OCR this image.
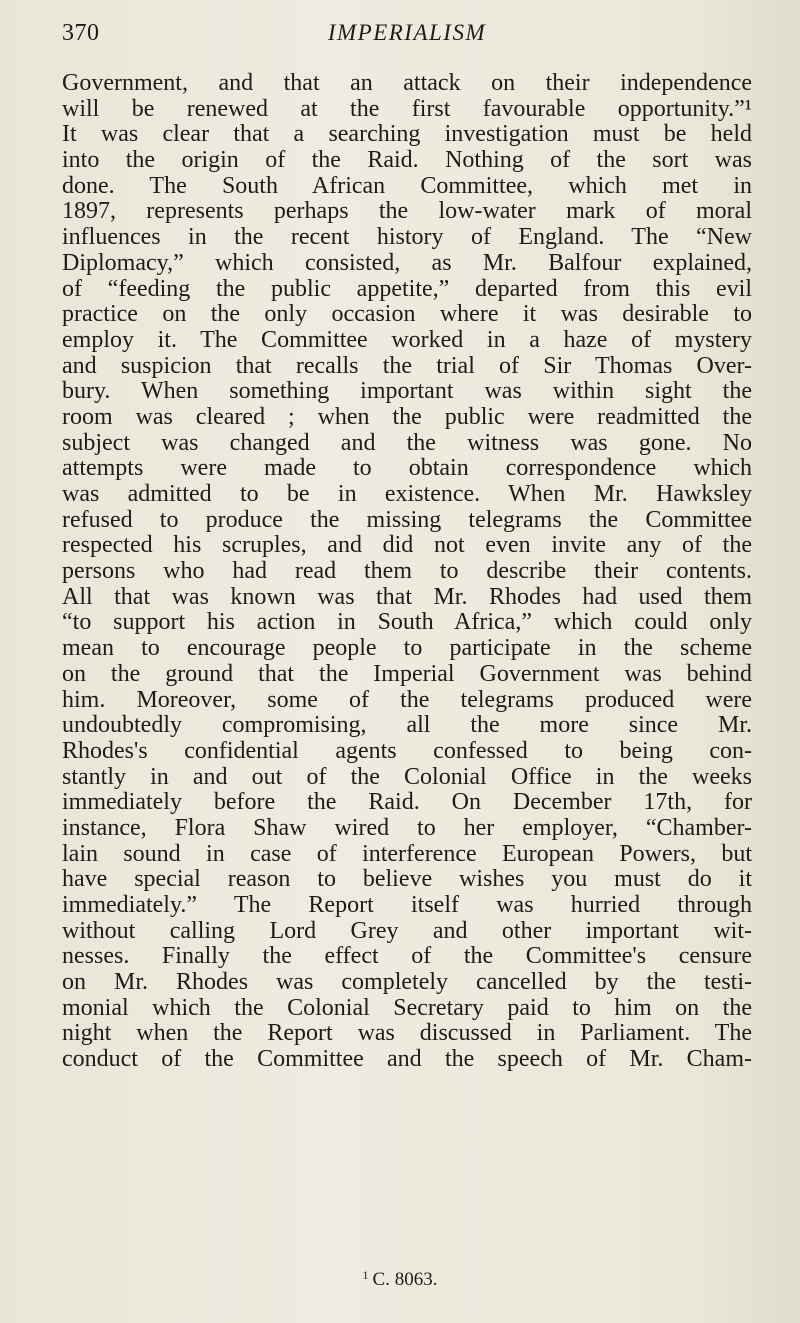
370	IMPERIALISM
Government, and that an attack on their independence
will be renewed at the first favourable opportunity.”¹
It was clear that a searching investigation must be held
into the origin of the Raid. Nothing of the sort was
done. The South African Committee, which met in
1897, represents perhaps the low-water mark of moral
influences in the recent history of England. The “New
Diplomacy,” which consisted, as Mr. Balfour explained,
of “feeding the public appetite,” departed from this evil
practice on the only occasion where it was desirable to
employ it. The Committee worked in a haze of mystery
and suspicion that recalls the trial of Sir Thomas Over-
bury. When something important was within sight the
room was cleared ; when the public were readmitted the
subject was changed and the witness was gone. No
attempts were made to obtain correspondence which
was admitted to be in existence. When Mr. Hawksley
refused to produce the missing telegrams the Committee
respected his scruples, and did not even invite any of the
persons who had read them to describe their contents.
All that was known was that Mr. Rhodes had used them
“to support his action in South Africa,” which could only
mean to encourage people to participate in the scheme
on the ground that the Imperial Government was behind
him. Moreover, some of the telegrams produced were
undoubtedly compromising, all the more since Mr.
Rhodes's confidential agents confessed to being con-
stantly in and out of the Colonial Office in the weeks
immediately before the Raid. On December 17th, for
instance, Flora Shaw wired to her employer, “Chamber-
lain sound in case of interference European Powers, but
have special reason to believe wishes you must do it
immediately.” The Report itself was hurried through
without calling Lord Grey and other important wit-
nesses. Finally the effect of the Committee's censure
on Mr. Rhodes was completely cancelled by the testi-
monial which the Colonial Secretary paid to him on the
night when the Report was discussed in Parliament. The
conduct of the Committee and the speech of Mr. Cham-
$^1$ C. 8063.
